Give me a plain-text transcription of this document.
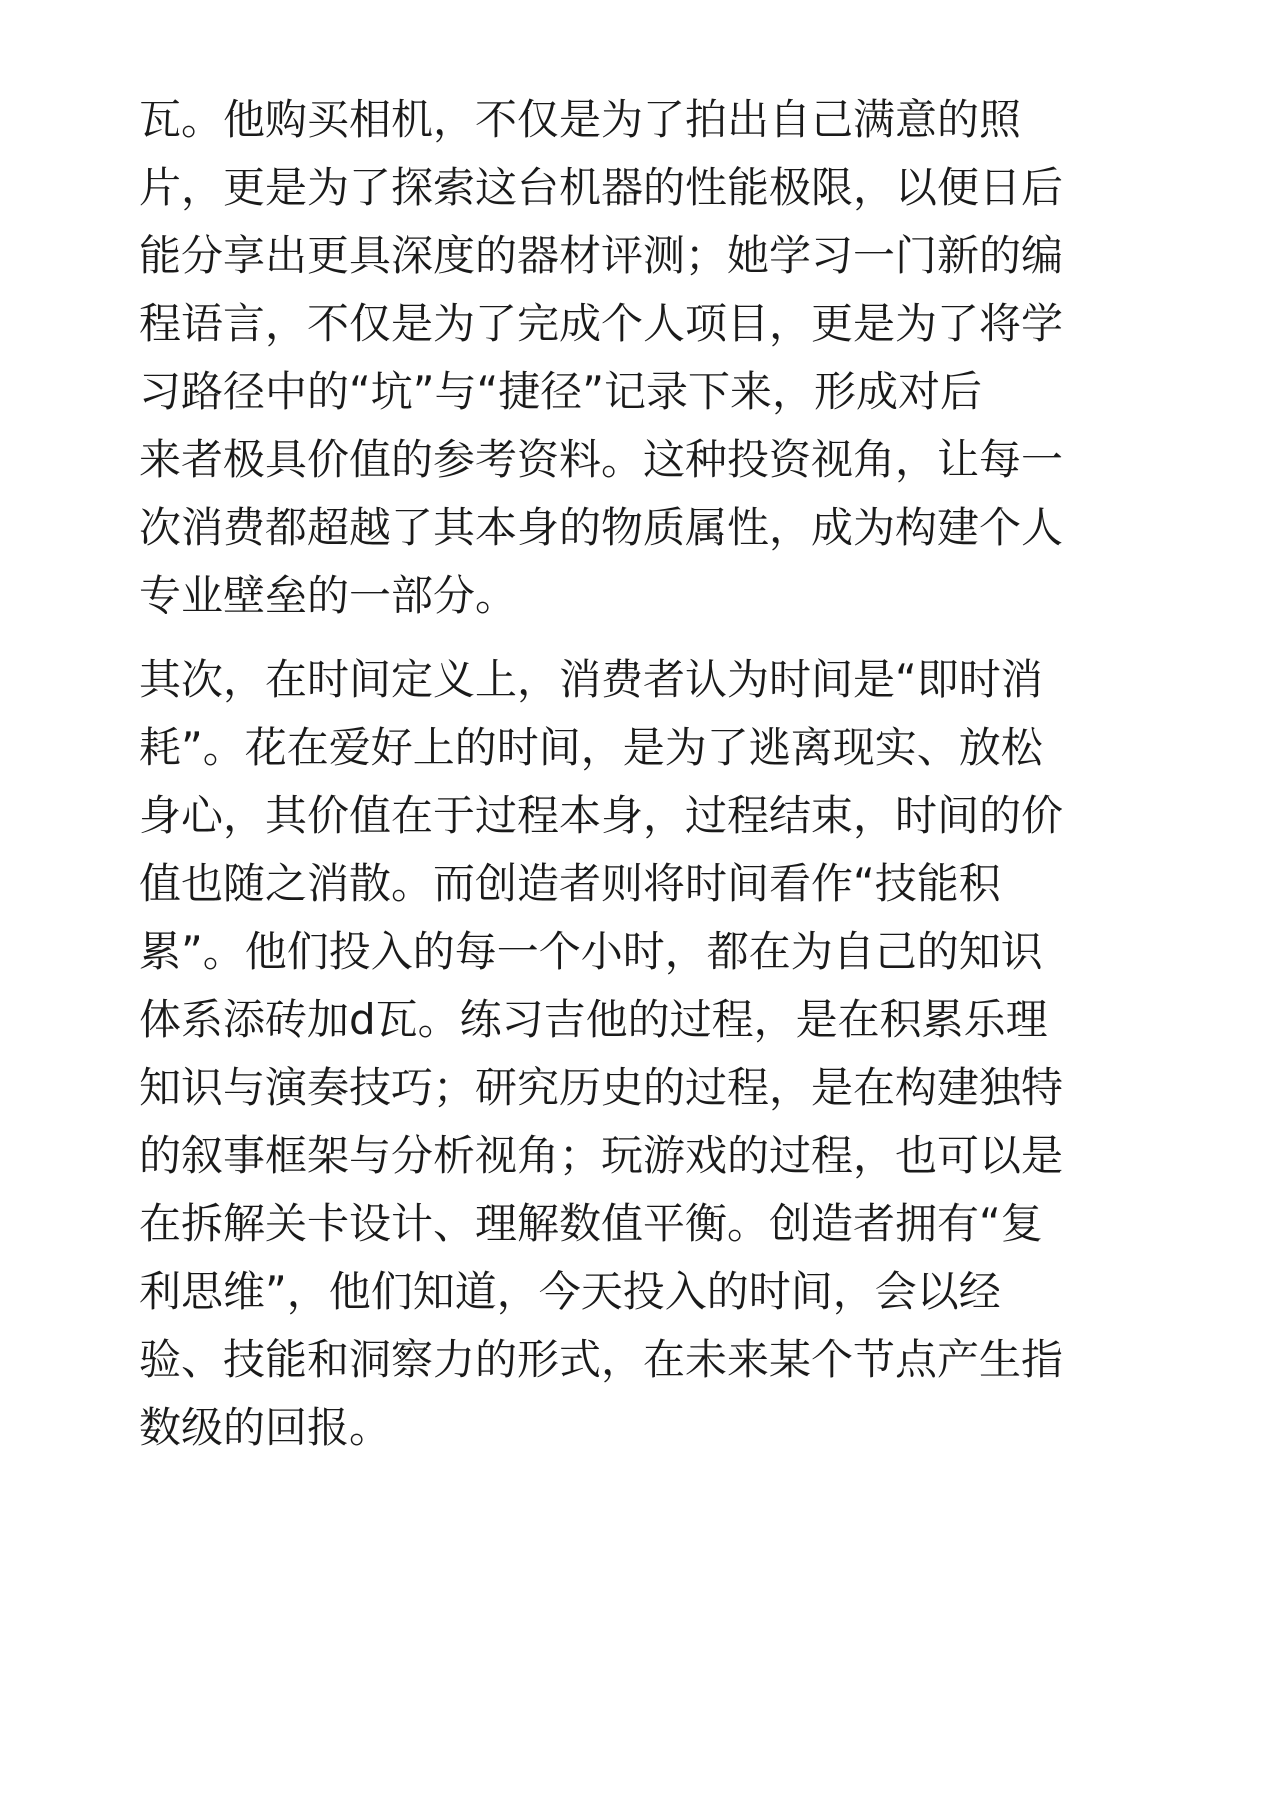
瓦。他购买相机，不仅是为了拍出自己满意的照
片，更是为了探索这台机器的性能极限，以便日后
能分享出更具深度的器材评测；她学习一门新的编
程语言，不仅是为了完成个人项目，更是为了将学
习路径中的“坑”与“捷径”记录下来，形成对后
来者极具价值的参考资料。这种投资视角，让每一
次消费都超越了其本身的物质属性，成为构建个人
专业壁垒的一部分。
其次，在时间定义上，消费者认为时间是“即时消
耗”。花在爱好上的时间，是为了逃离现实、放松
身心，其价值在于过程本身，过程结束，时间的价
值也随之消散。而创造者则将时间看作“技能积
累”。他们投入的每一个小时，都在为自己的知识
体系添砖加d瓦。练习吉他的过程，是在积累乐理
知识与演奏技巧；研究历史的过程，是在构建独特
的叙事框架与分析视角；玩游戏的过程，也可以是
在拆解关卡设计、理解数值平衡。创造者拥有“复
利思维”，他们知道，今天投入的时间，会以经
验、技能和洞察力的形式，在未来某个节点产生指
数级的回报。
